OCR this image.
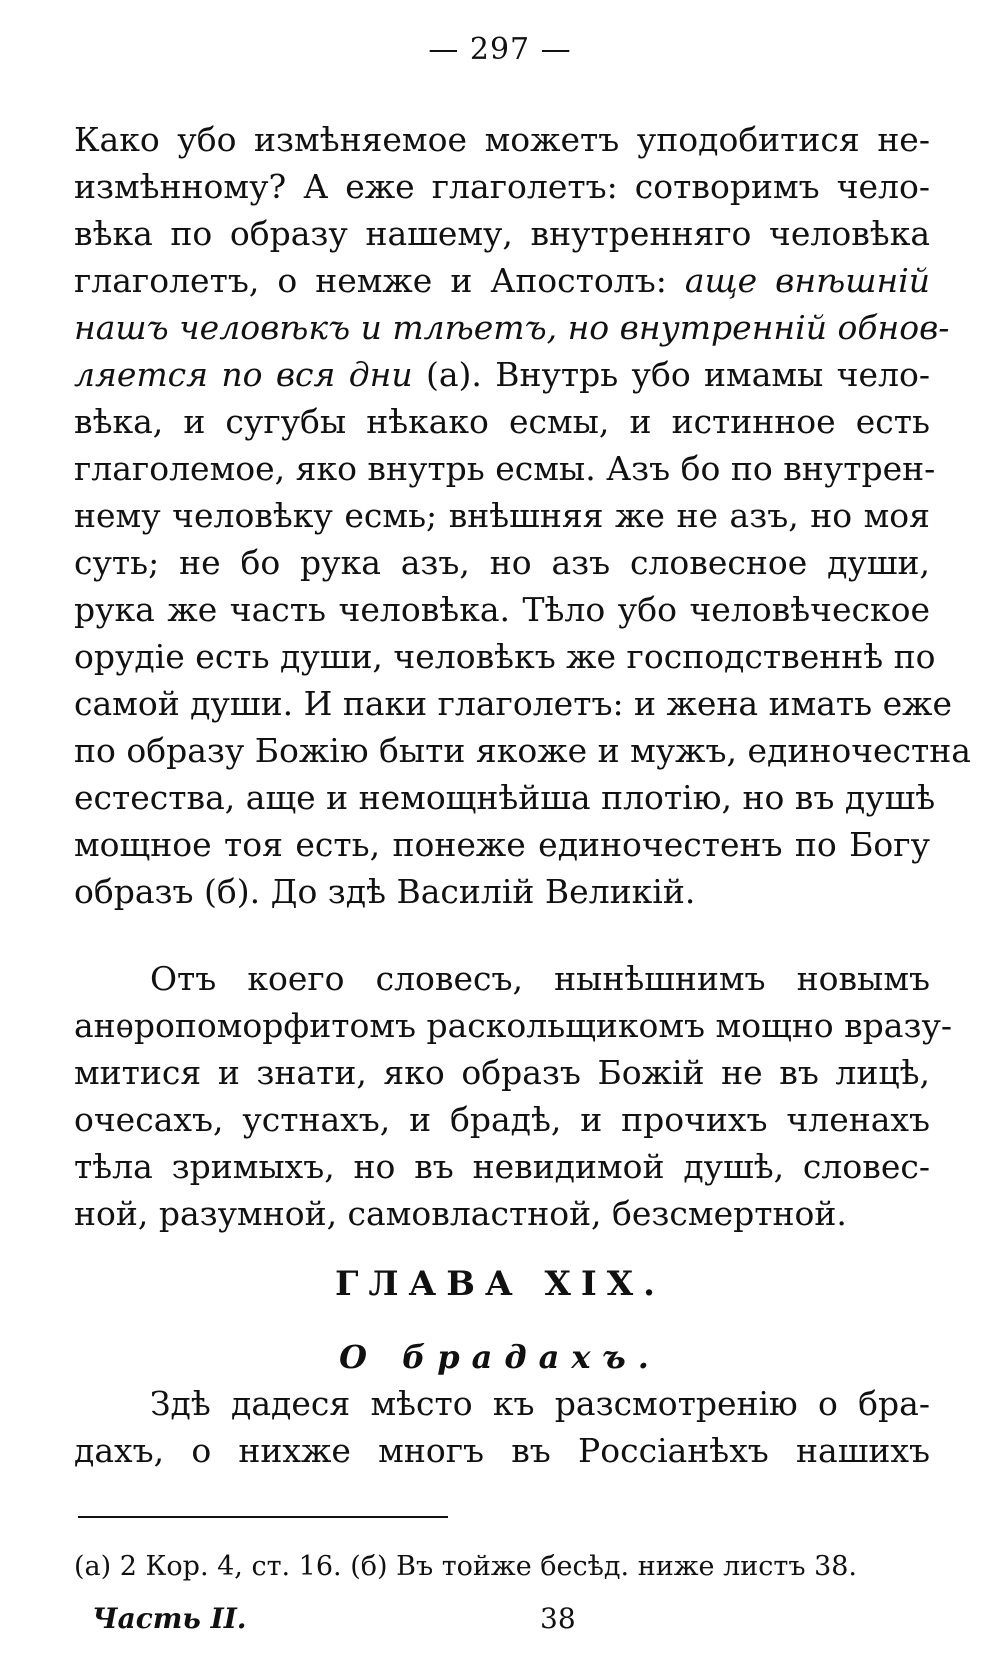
— 297 —
Како убо измѣняемое можетъ уподобитися не-
измѣнному? А еже глаголетъ: сотворимъ чело-
вѣка по образу нашему, внутренняго человѣка
глаголетъ, о немже и Апостолъ: аще внѣшній
нашъ человѣкъ и тлѣетъ, но внутренній обнов-
ляется по вся дни (а). Внутрь убо имамы чело-
вѣка, и сугубы нѣкако есмы, и истинное есть
глаголемое, яко внутрь есмы. Азъ бо по внутрен-
нему человѣку есмь; внѣшняя же не азъ, но моя
суть; не бо рука азъ, но азъ словесное души,
рука же часть человѣка. Тѣло убо человѣческое
орудіе есть души, человѣкъ же господственнѣ по
самой души. И паки глаголетъ: и жена имать еже
по образу Божію быти якоже и мужъ, единочестна
естества, аще и немощнѣйша плотію, но въ душѣ
мощное тоя есть, понеже единочестенъ по Богу
образъ (б). До здѣ Василій Великій.
Отъ коего словесъ, нынѣшнимъ новымъ
анѳропоморфитомъ раскольщикомъ мощно вразу-
митися и знати, яко образъ Божій не въ лицѣ,
очесахъ, устнахъ, и брадѣ, и прочихъ членахъ
тѣла зримыхъ, но въ невидимой душѣ, словес-
ной, разумной, самовластной, безсмертной.
ГЛАВА XIX.
О брадахъ.
Здѣ дадеся мѣсто къ разсмотренію о бра-
дахъ, о нихже многъ въ Россіанѣхъ нашихъ
(а) 2 Кор. 4, ст. 16. (б) Въ тойже бесѣд. ниже листъ 38.
Часть II.	38
